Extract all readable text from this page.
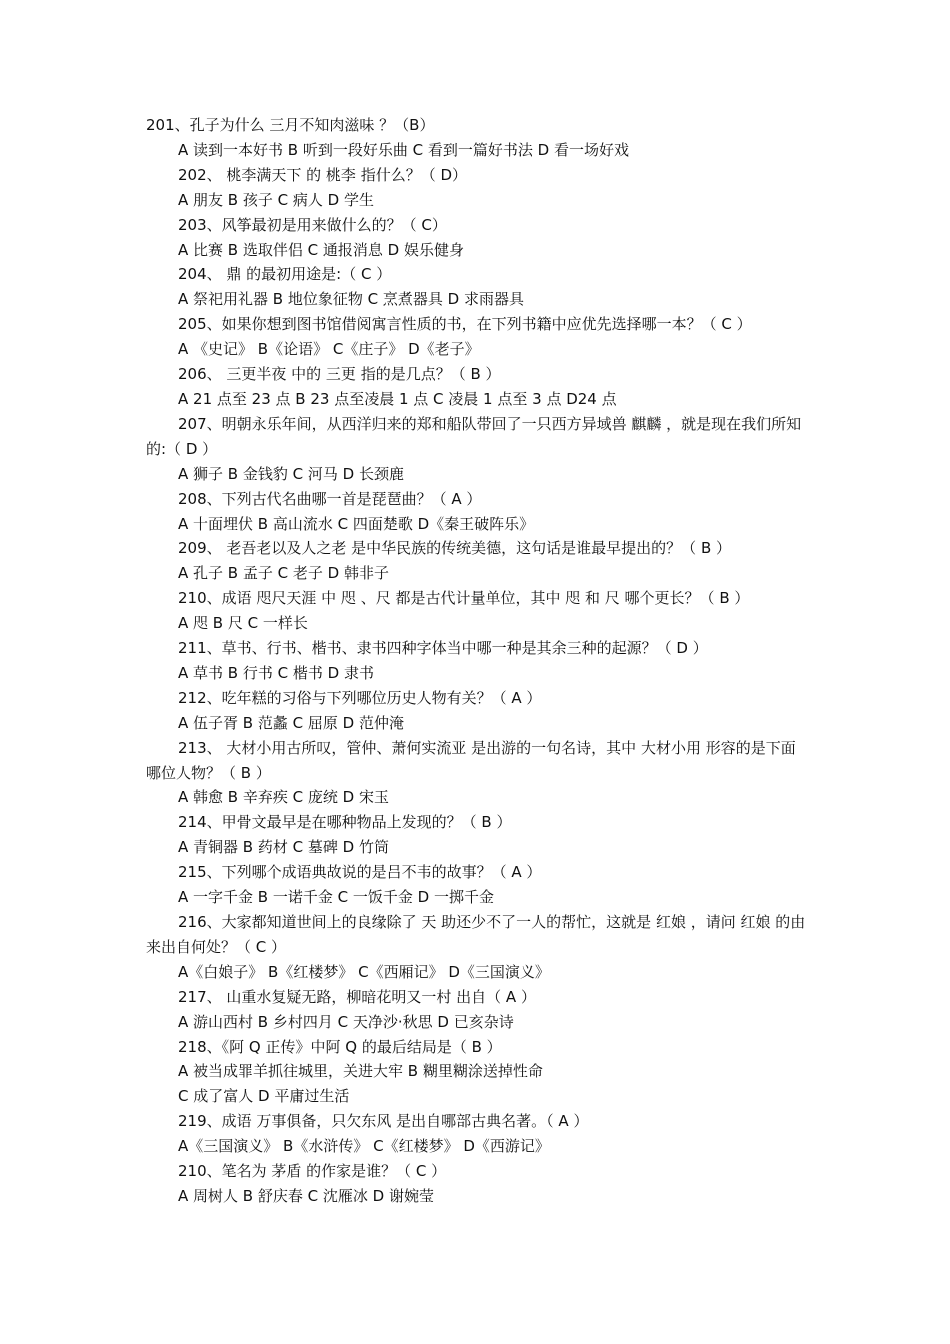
201、孔子为什么 三月不知肉滋味 ？（B）

A 读到一本好书 B 听到一段好乐曲 C 看到一篇好书法 D 看一场好戏

202、 桃李满天下 的 桃李 指什么？（ D）

A 朋友 B 孩子 C 病人 D 学生

203、风筝最初是用来做什么的？（ C）

A 比赛 B 选取伴侣 C 通报消息 D 娱乐健身

204、 鼎 的最初用途是:（ C ）

A 祭祀用礼器 B 地位象征物 C 烹煮器具 D 求雨器具

205、如果你想到图书馆借阅寓言性质的书，在下列书籍中应优先选择哪一本？（ C ）

A 《史记》 B《论语》 C《庄子》 D《老子》

206、 三更半夜 中的 三更 指的是几点？（ B ）

A 21 点至 23 点 B 23 点至凌晨 1 点 C 凌晨 1 点至 3 点 D24 点

207、明朝永乐年间，从西洋归来的郑和船队带回了一只西方异域兽 麒麟 ，就是现在我们所知的:（ D ）

A 狮子 B 金钱豹 C 河马 D 长颈鹿

208、下列古代名曲哪一首是琵琶曲？（ A ）

A 十面埋伏 B 高山流水 C 四面楚歌 D《秦王破阵乐》

209、 老吾老以及人之老 是中华民族的传统美德，这句话是谁最早提出的？（ B ）

A 孔子 B 孟子 C 老子 D 韩非子

210、成语 咫尺天涯 中 咫 、尺 都是古代计量单位，其中 咫 和 尺 哪个更长？（ B ）

A 咫 B 尺 C 一样长

211、草书、行书、楷书、隶书四种字体当中哪一种是其余三种的起源？（ D ）

A 草书 B 行书 C 楷书 D 隶书

212、吃年糕的习俗与下列哪位历史人物有关？（ A ）

A 伍子胥 B 范蠡 C 屈原 D 范仲淹

213、 大材小用古所叹，管仲、萧何实流亚 是出游的一句名诗，其中 大材小用 形容的是下面哪位人物？（ B ）

A 韩愈 B 辛弃疾 C 庞统 D 宋玉

214、甲骨文最早是在哪种物品上发现的？（ B ）

A 青铜器 B 药材 C 墓碑 D 竹筒

215、下列哪个成语典故说的是吕不韦的故事？（ A ）

A 一字千金 B 一诺千金 C 一饭千金 D 一掷千金

216、大家都知道世间上的良缘除了 天 助还少不了一人的帮忙，这就是 红娘 ，请问 红娘 的由来出自何处？（ C ）

A《白娘子》 B《红楼梦》 C《西厢记》 D《三国演义》

217、 山重水复疑无路，柳暗花明又一村 出自（ A ）

A 游山西村 B 乡村四月 C 天净沙·秋思 D 已亥杂诗

218、《阿 Q 正传》中阿 Q 的最后结局是（ B ）

A 被当成罪羊抓往城里，关进大牢 B 糊里糊涂送掉性命

C 成了富人 D 平庸过生活

219、成语 万事俱备，只欠东风 是出自哪部古典名著。（ A ）

A《三国演义》 B《水浒传》 C《红楼梦》 D《西游记》

210、笔名为 茅盾 的作家是谁？（ C ）

A 周树人 B 舒庆春 C 沈雁冰 D 谢婉莹
